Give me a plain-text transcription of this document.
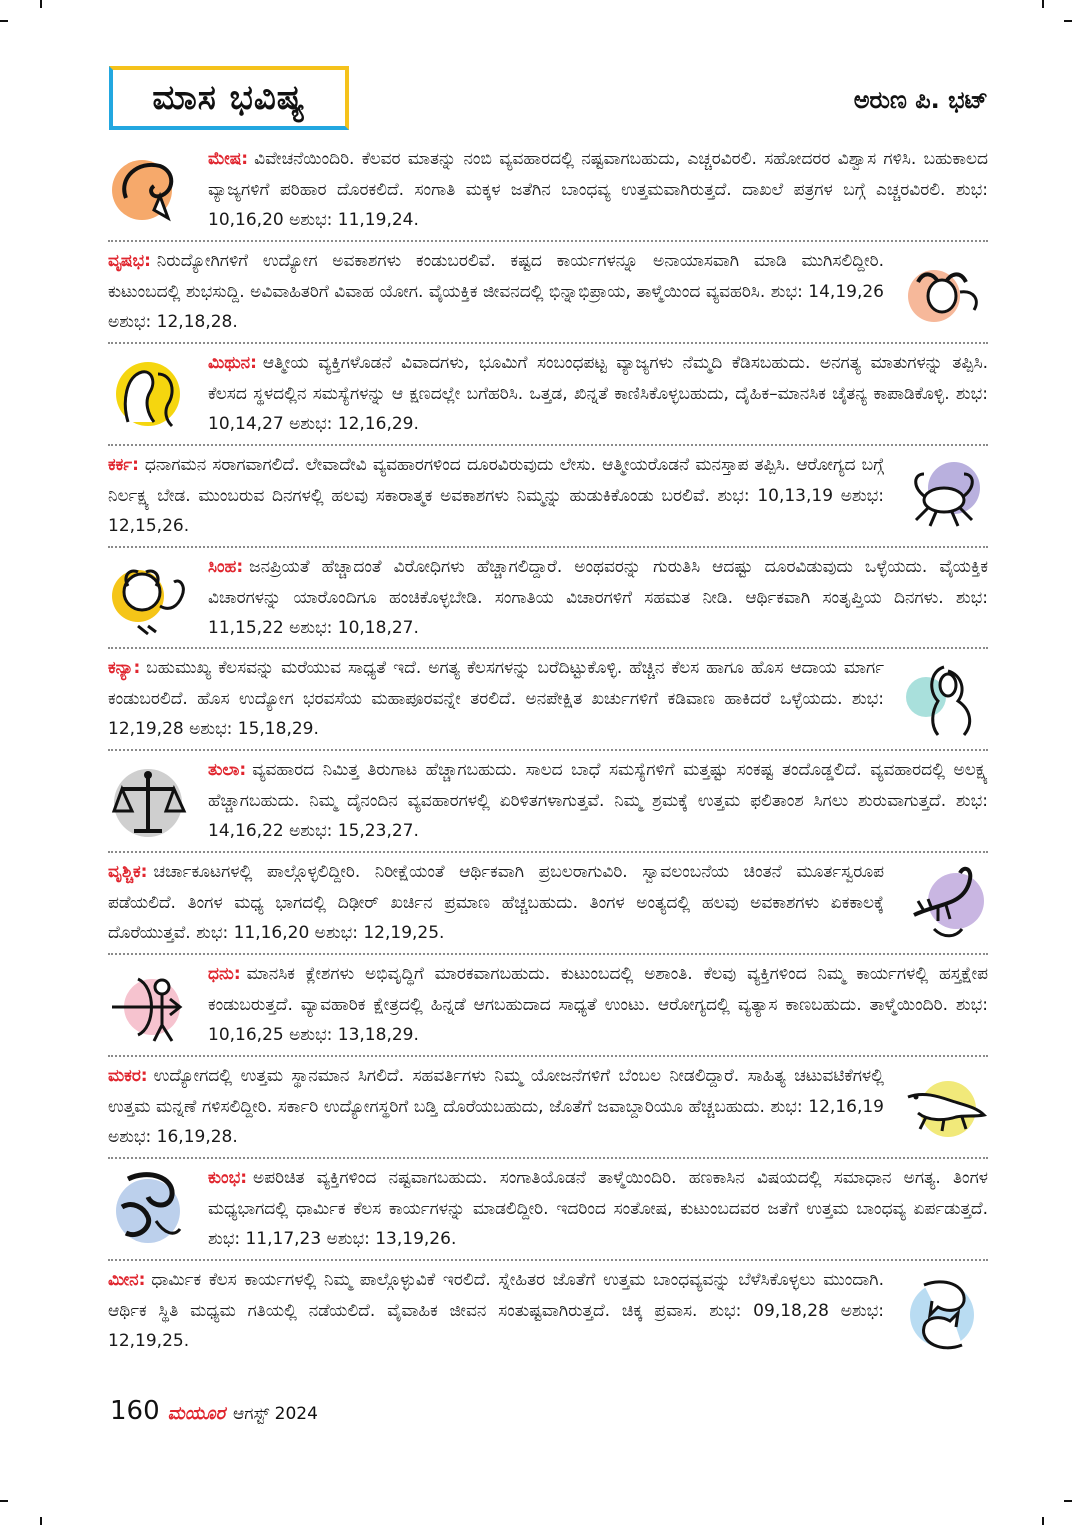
ಮಾಸ ಭವಿಷ್ಯ	ಅರುಣ ಪಿ. ಭಟ್
ಮೇಷ: ವಿವೇಚನೆಯಿಂದಿರಿ. ಕೆಲವರ ಮಾತನ್ನು ನಂಬಿ ವ್ಯವಹಾರದಲ್ಲಿ ನಷ್ಟವಾಗಬಹುದು, ಎಚ್ಚರವಿರಲಿ. ಸಹೋದರರ ವಿಶ್ವಾಸ ಗಳಿಸಿ. ಬಹುಕಾಲದ ವ್ಯಾಜ್ಯಗಳಿಗೆ ಪರಿಹಾರ ದೊರಕಲಿದೆ. ಸಂಗಾತಿ ಮಕ್ಕಳ ಜತೆಗಿನ ಬಾಂಧವ್ಯ ಉತ್ತಮವಾಗಿರುತ್ತದೆ. ದಾಖಲೆ ಪತ್ರಗಳ ಬಗ್ಗೆ ಎಚ್ಚರವಿರಲಿ. ಶುಭ: 10,16,20 ಅಶುಭ: 11,19,24.
ವೃಷಭ: ನಿರುದ್ಯೋಗಿಗಳಿಗೆ ಉದ್ಯೋಗ ಅವಕಾಶಗಳು ಕಂಡುಬರಲಿವೆ. ಕಷ್ಟದ ಕಾರ್ಯಗಳನ್ನೂ ಅನಾಯಾಸವಾಗಿ ಮಾಡಿ ಮುಗಿಸಲಿದ್ದೀರಿ. ಕುಟುಂಬದಲ್ಲಿ ಶುಭಸುದ್ದಿ. ಅವಿವಾಹಿತರಿಗೆ ವಿವಾಹ ಯೋಗ. ವೈಯಕ್ತಿಕ ಜೀವನದಲ್ಲಿ ಭಿನ್ನಾಭಿಪ್ರಾಯ, ತಾಳ್ಮೆಯಿಂದ ವ್ಯವಹರಿಸಿ. ಶುಭ: 14,19,26 ಅಶುಭ: 12,18,28.
ಮಿಥುನ: ಆತ್ಮೀಯ ವ್ಯಕ್ತಿಗಳೊಡನೆ ವಿವಾದಗಳು, ಭೂಮಿಗೆ ಸಂಬಂಧಪಟ್ಟ ವ್ಯಾಜ್ಯಗಳು ನೆಮ್ಮದಿ ಕೆಡಿಸಬಹುದು. ಅನಗತ್ಯ ಮಾತುಗಳನ್ನು ತಪ್ಪಿಸಿ. ಕೆಲಸದ ಸ್ಥಳದಲ್ಲಿನ ಸಮಸ್ಯೆಗಳನ್ನು ಆ ಕ್ಷಣದಲ್ಲೇ ಬಗೆಹರಿಸಿ. ಒತ್ತಡ, ಖಿನ್ನತೆ ಕಾಣಿಸಿಕೊಳ್ಳಬಹುದು, ದೈಹಿಕ–ಮಾನಸಿಕ ಚೈತನ್ಯ ಕಾಪಾಡಿಕೊಳ್ಳಿ. ಶುಭ: 10,14,27 ಅಶುಭ: 12,16,29.
ಕರ್ಕ: ಧನಾಗಮನ ಸರಾಗವಾಗಲಿದೆ. ಲೇವಾದೇವಿ ವ್ಯವಹಾರಗಳಿಂದ ದೂರವಿರುವುದು ಲೇಸು. ಆತ್ಮೀಯರೊಡನೆ ಮನಸ್ತಾಪ ತಪ್ಪಿಸಿ. ಆರೋಗ್ಯದ ಬಗ್ಗೆ ನಿರ್ಲಕ್ಷ್ಯ ಬೇಡ. ಮುಂಬರುವ ದಿನಗಳಲ್ಲಿ ಹಲವು ಸಕಾರಾತ್ಮಕ ಅವಕಾಶಗಳು ನಿಮ್ಮನ್ನು ಹುಡುಕಿಕೊಂಡು ಬರಲಿವೆ. ಶುಭ: 10,13,19 ಅಶುಭ: 12,15,26.
ಸಿಂಹ: ಜನಪ್ರಿಯತೆ ಹೆಚ್ಚಾದಂತೆ ವಿರೋಧಿಗಳು ಹೆಚ್ಚಾಗಲಿದ್ದಾರೆ. ಅಂಥವರನ್ನು ಗುರುತಿಸಿ ಆದಷ್ಟು ದೂರವಿಡುವುದು ಒಳ್ಳೆಯದು. ವೈಯಕ್ತಿಕ ವಿಚಾರಗಳನ್ನು ಯಾರೊಂದಿಗೂ ಹಂಚಿಕೊಳ್ಳಬೇಡಿ. ಸಂಗಾತಿಯ ವಿಚಾರಗಳಿಗೆ ಸಹಮತ ನೀಡಿ. ಆರ್ಥಿಕವಾಗಿ ಸಂತೃಪ್ತಿಯ ದಿನಗಳು. ಶುಭ: 11,15,22 ಅಶುಭ: 10,18,27.
ಕನ್ಯಾ: ಬಹುಮುಖ್ಯ ಕೆಲಸವನ್ನು ಮರೆಯುವ ಸಾಧ್ಯತೆ ಇದೆ. ಅಗತ್ಯ ಕೆಲಸಗಳನ್ನು ಬರೆದಿಟ್ಟುಕೊಳ್ಳಿ. ಹೆಚ್ಚಿನ ಕೆಲಸ ಹಾಗೂ ಹೊಸ ಆದಾಯ ಮಾರ್ಗ ಕಂಡುಬರಲಿದೆ. ಹೊಸ ಉದ್ಯೋಗ ಭರವಸೆಯ ಮಹಾಪೂರವನ್ನೇ ತರಲಿದೆ. ಅನಪೇಕ್ಷಿತ ಖರ್ಚುಗಳಿಗೆ ಕಡಿವಾಣ ಹಾಕಿದರೆ ಒಳ್ಳೆಯದು. ಶುಭ: 12,19,28 ಅಶುಭ: 15,18,29.
ತುಲಾ: ವ್ಯವಹಾರದ ನಿಮಿತ್ತ ತಿರುಗಾಟ ಹೆಚ್ಚಾಗಬಹುದು. ಸಾಲದ ಬಾಧೆ ಸಮಸ್ಯೆಗಳಿಗೆ ಮತ್ತಷ್ಟು ಸಂಕಷ್ಟ ತಂದೊಡ್ಡಲಿದೆ. ವ್ಯವಹಾರದಲ್ಲಿ ಅಲಕ್ಷ್ಯ ಹೆಚ್ಚಾಗಬಹುದು. ನಿಮ್ಮ ದೈನಂದಿನ ವ್ಯವಹಾರಗಳಲ್ಲಿ ಏರಿಳಿತಗಳಾಗುತ್ತವೆ. ನಿಮ್ಮ ಶ್ರಮಕ್ಕೆ ಉತ್ತಮ ಫಲಿತಾಂಶ ಸಿಗಲು ಶುರುವಾಗುತ್ತದೆ. ಶುಭ: 14,16,22 ಅಶುಭ: 15,23,27.
ವೃಶ್ಚಿಕ: ಚರ್ಚಾಕೂಟಗಳಲ್ಲಿ ಪಾಲ್ಗೊಳ್ಳಲಿದ್ದೀರಿ. ನಿರೀಕ್ಷೆಯಂತೆ ಆರ್ಥಿಕವಾಗಿ ಪ್ರಬಲರಾಗುವಿರಿ. ಸ್ವಾವಲಂಬನೆಯ ಚಿಂತನೆ ಮೂರ್ತಸ್ವರೂಪ ಪಡೆಯಲಿದೆ. ತಿಂಗಳ ಮಧ್ಯ ಭಾಗದಲ್ಲಿ ದಿಢೀರ್ ಖರ್ಚಿನ ಪ್ರಮಾಣ ಹೆಚ್ಚಬಹುದು. ತಿಂಗಳ ಅಂತ್ಯದಲ್ಲಿ ಹಲವು ಅವಕಾಶಗಳು ಏಕಕಾಲಕ್ಕೆ ದೊರೆಯುತ್ತವೆ. ಶುಭ: 11,16,20 ಅಶುಭ: 12,19,25.
ಧನು: ಮಾನಸಿಕ ಕ್ಲೇಶಗಳು ಅಭಿವೃದ್ಧಿಗೆ ಮಾರಕವಾಗಬಹುದು. ಕುಟುಂಬದಲ್ಲಿ ಅಶಾಂತಿ. ಕೆಲವು ವ್ಯಕ್ತಿಗಳಿಂದ ನಿಮ್ಮ ಕಾರ್ಯಗಳಲ್ಲಿ ಹಸ್ತಕ್ಷೇಪ ಕಂಡುಬರುತ್ತದೆ. ವ್ಯಾವಹಾರಿಕ ಕ್ಷೇತ್ರದಲ್ಲಿ ಹಿನ್ನಡೆ ಆಗಬಹುದಾದ ಸಾಧ್ಯತೆ ಉಂಟು. ಆರೋಗ್ಯದಲ್ಲಿ ವ್ಯತ್ಯಾಸ ಕಾಣಬಹುದು. ತಾಳ್ಮೆಯಿಂದಿರಿ. ಶುಭ: 10,16,25 ಅಶುಭ: 13,18,29.
ಮಕರ: ಉದ್ಯೋಗದಲ್ಲಿ ಉತ್ತಮ ಸ್ಥಾನಮಾನ ಸಿಗಲಿದೆ. ಸಹವರ್ತಿಗಳು ನಿಮ್ಮ ಯೋಜನೆಗಳಿಗೆ ಬೆಂಬಲ ನೀಡಲಿದ್ದಾರೆ. ಸಾಹಿತ್ಯ ಚಟುವಟಿಕೆಗಳಲ್ಲಿ ಉತ್ತಮ ಮನ್ನಣೆ ಗಳಿಸಲಿದ್ದೀರಿ. ಸರ್ಕಾರಿ ಉದ್ಯೋಗಸ್ಥರಿಗೆ ಬಡ್ತಿ ದೊರೆಯಬಹುದು, ಜೊತೆಗೆ ಜವಾಬ್ದಾರಿಯೂ ಹೆಚ್ಚಬಹುದು. ಶುಭ: 12,16,19 ಅಶುಭ: 16,19,28.
ಕುಂಭ: ಅಪರಿಚಿತ ವ್ಯಕ್ತಿಗಳಿಂದ ನಷ್ಟವಾಗಬಹುದು. ಸಂಗಾತಿಯೊಡನೆ ತಾಳ್ಮೆಯಿಂದಿರಿ. ಹಣಕಾಸಿನ ವಿಷಯದಲ್ಲಿ ಸಮಾಧಾನ ಅಗತ್ಯ. ತಿಂಗಳ ಮಧ್ಯಭಾಗದಲ್ಲಿ ಧಾರ್ಮಿಕ ಕೆಲಸ ಕಾರ್ಯಗಳನ್ನು ಮಾಡಲಿದ್ದೀರಿ. ಇದರಿಂದ ಸಂತೋಷ, ಕುಟುಂಬದವರ ಜತೆಗೆ ಉತ್ತಮ ಬಾಂಧವ್ಯ ಏರ್ಪಡುತ್ತದೆ. ಶುಭ: 11,17,23 ಅಶುಭ: 13,19,26.
ಮೀನ: ಧಾರ್ಮಿಕ ಕೆಲಸ ಕಾರ್ಯಗಳಲ್ಲಿ ನಿಮ್ಮ ಪಾಲ್ಗೊಳ್ಳುವಿಕೆ ಇರಲಿದೆ. ಸ್ನೇಹಿತರ ಜೊತೆಗೆ ಉತ್ತಮ ಬಾಂಧವ್ಯವನ್ನು ಬೆಳೆಸಿಕೊಳ್ಳಲು ಮುಂದಾಗಿ. ಆರ್ಥಿಕ ಸ್ಥಿತಿ ಮಧ್ಯಮ ಗತಿಯಲ್ಲಿ ನಡೆಯಲಿದೆ. ವೈವಾಹಿಕ ಜೀವನ ಸಂತುಷ್ಟವಾಗಿರುತ್ತದೆ. ಚಿಕ್ಕ ಪ್ರವಾಸ. ಶುಭ: 09,18,28 ಅಶುಭ: 12,19,25.
160 ಮಯೂರ ಆಗಸ್ಟ್ 2024
